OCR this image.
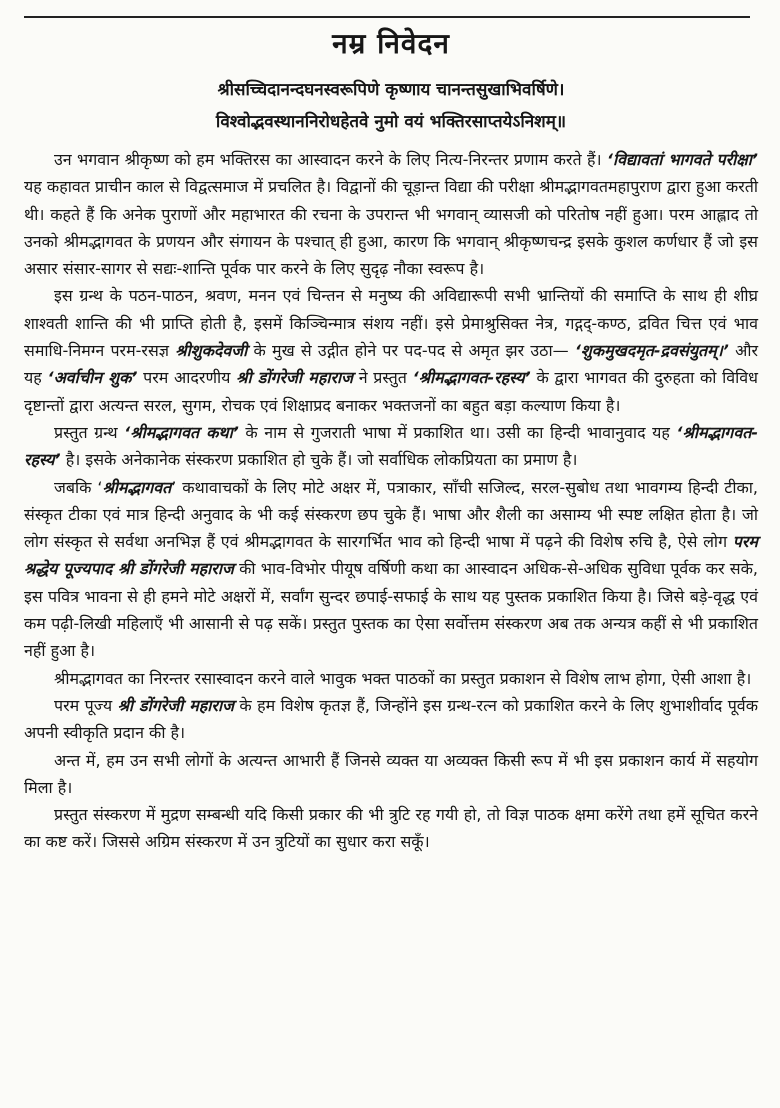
नम्र निवेदन

श्रीसच्चिदानन्दघनस्वरूपिणे कृष्णाय चानन्तसुखाभिवर्षिणे।

विश्वोद्भवस्थाननिरोधहेतवे नुमो वयं भक्तिरसाप्तयेऽनिशम्॥

उन भगवान श्रीकृष्ण को हम भक्तिरस का आस्वादन करने के लिए नित्य-निरन्तर प्रणाम करते हैं। ‘विद्यावतां भागवते परीक्षा’ यह कहावत प्राचीन काल से विद्वत्समाज में प्रचलित है। विद्वानों की चूड़ान्त विद्या की परीक्षा श्रीमद्भागवतमहापुराण द्वारा हुआ करती थी। कहते हैं कि अनेक पुराणों और महाभारत की रचना के उपरान्त भी भगवान् व्यासजी को परितोष नहीं हुआ। परम आह्लाद तो उनको श्रीमद्भागवत के प्रणयन और संगायन के पश्चात् ही हुआ, कारण कि भगवान् श्रीकृष्णचन्द्र इसके कुशल कर्णधार हैं जो इस असार संसार-सागर से सद्यः-शान्ति पूर्वक पार करने के लिए सुदृढ़ नौका स्वरूप है।

इस ग्रन्थ के पठन-पाठन, श्रवण, मनन एवं चिन्तन से मनुष्य की अविद्यारूपी सभी भ्रान्तियों की समाप्ति के साथ ही शीघ्र शाश्वती शान्ति की भी प्राप्ति होती है, इसमें किञ्चिन्मात्र संशय नहीं। इसे प्रेमाश्रुसिक्त नेत्र, गद्गद्-कण्ठ, द्रवित चित्त एवं भाव समाधि-निमग्न परम-रसज्ञ श्रीशुकदेवजी के मुख से उद्गीत होने पर पद-पद से अमृत झर उठा— ‘शुकमुखदमृत-द्रवसंयुतम्।’ और यह ‘अर्वाचीन शुक’ परम आदरणीय श्री डोंगरेजी महाराज ने प्रस्तुत ‘श्रीमद्भागवत-रहस्य’ के द्वारा भागवत की दुरुहता को विविध दृष्टान्तों द्वारा अत्यन्त सरल, सुगम, रोचक एवं शिक्षाप्रद बनाकर भक्तजनों का बहुत बड़ा कल्याण किया है।

प्रस्तुत ग्रन्थ ‘श्रीमद्भागवत कथा’ के नाम से गुजराती भाषा में प्रकाशित था। उसी का हिन्दी भावानुवाद यह ‘श्रीमद्भागवत-रहस्य’ है। इसके अनेकानेक संस्करण प्रकाशित हो चुके हैं। जो सर्वाधिक लोकप्रियता का प्रमाण है।

जबकि ‘श्रीमद्भागवत’ कथावाचकों के लिए मोटे अक्षर में, पत्राकार, साँची सजिल्द, सरल-सुबोध तथा भावगम्य हिन्दी टीका, संस्कृत टीका एवं मात्र हिन्दी अनुवाद के भी कई संस्करण छप चुके हैं। भाषा और शैली का असाम्य भी स्पष्ट लक्षित होता है। जो लोग संस्कृत से सर्वथा अनभिज्ञ हैं एवं श्रीमद्भागवत के सारगर्भित भाव को हिन्दी भाषा में पढ़ने की विशेष रुचि है, ऐसे लोग परम श्रद्धेय पूज्यपाद श्री डोंगरेजी महाराज की भाव-विभोर पीयूष वर्षिणी कथा का आस्वादन अधिक-से-अधिक सुविधा पूर्वक कर सके, इस पवित्र भावना से ही हमने मोटे अक्षरों में, सर्वांग सुन्दर छपाई-सफाई के साथ यह पुस्तक प्रकाशित किया है। जिसे बड़े-वृद्ध एवं कम पढ़ी-लिखी महिलाएँ भी आसानी से पढ़ सकें। प्रस्तुत पुस्तक का ऐसा सर्वोत्तम संस्करण अब तक अन्यत्र कहीं से भी प्रकाशित नहीं हुआ है।

श्रीमद्भागवत का निरन्तर रसास्वादन करने वाले भावुक भक्त पाठकों का प्रस्तुत प्रकाशन से विशेष लाभ होगा, ऐसी आशा है।

परम पूज्य श्री डोंगरेजी महाराज के हम विशेष कृतज्ञ हैं, जिन्होंने इस ग्रन्थ-रत्न को प्रकाशित करने के लिए शुभाशीर्वाद पूर्वक अपनी स्वीकृति प्रदान की है।

अन्त में, हम उन सभी लोगों के अत्यन्त आभारी हैं जिनसे व्यक्त या अव्यक्त किसी रूप में भी इस प्रकाशन कार्य में सहयोग मिला है।

प्रस्तुत संस्करण में मुद्रण सम्बन्धी यदि किसी प्रकार की भी त्रुटि रह गयी हो, तो विज्ञ पाठक क्षमा करेंगे तथा हमें सूचित करने का कष्ट करें। जिससे अग्रिम संस्करण में उन त्रुटियों का सुधार करा सकूँ।
